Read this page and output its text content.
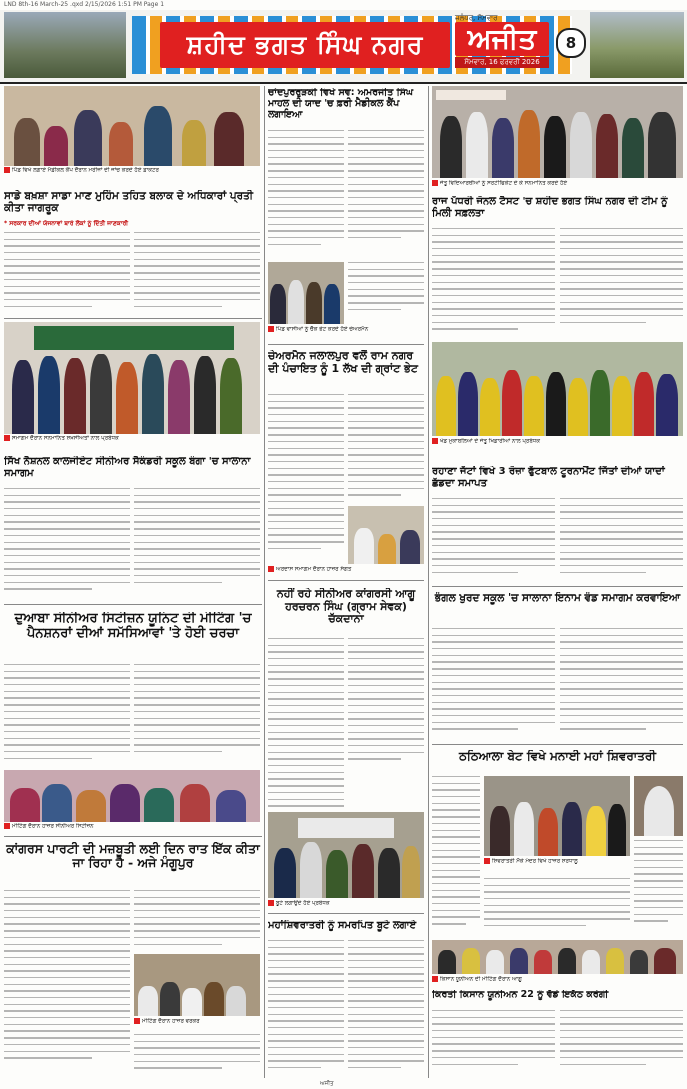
LND 8th-16 March-25 .qxd 2/15/2026 1:51 PM Page 1
ਸ਼ਹੀਦ ਭਗਤ ਸਿੰਘ ਨਗਰ
ਜਲੰਧਰ, ਸੋਮਵਾਰ
ਅਜੀਤ
ਸੋਮਵਾਰ, 16 ਫਰਵਰੀ 2026
8
ਪਿੰਡ ਵਿਖੇ ਲਗਾਏ ਮੈਡੀਕਲ ਕੈਂਪ ਦੌਰਾਨ ਮਰੀਜ਼ਾਂ ਦੀ ਜਾਂਚ ਕਰਦੇ ਹੋਏ ਡਾਕਟਰ
ਸਾਡੇ ਬਖ਼ਸ਼ਾ ਸਾਡਾ ਮਾਣ ਮੁਹਿੰਮ ਤਹਿਤ ਬਲਾਕ ਦੇ ਅਧਿਕਾਰਾਂ ਪ੍ਰਤੀ ਕੀਤਾ ਜਾਗਰੂਕ
* ਸਰਕਾਰ ਦੀਆਂ ਯੋਜਨਾਵਾਂ ਬਾਰੇ ਲੋਕਾਂ ਨੂੰ ਦਿੱਤੀ ਜਾਣਕਾਰੀ
ਸਮਾਗਮ ਦੌਰਾਨ ਸਨਮਾਨਿਤ ਸ਼ਖ਼ਸੀਅਤਾਂ ਨਾਲ ਪ੍ਰਬੰਧਕ
ਸਿੱਖ ਨੈਸ਼ਨਲ ਕਾਲਜੀਏਟ ਸੀਨੀਅਰ ਸੈਕੰਡਰੀ ਸਕੂਲ ਬੰਗਾ 'ਚ ਸਾਲਾਨਾ ਸਮਾਗਮ
ਦੁਆਬਾ ਸੀਨੀਅਰ ਸਿਟੀਜ਼ਨ ਯੂਨਿਟ ਦੀ ਮੀਟਿੰਗ 'ਚ ਪੈਨਸ਼ਨਰਾਂ ਦੀਆਂ ਸਮੱਸਿਆਵਾਂ 'ਤੇ ਹੋਈ ਚਰਚਾ
ਮੀਟਿੰਗ ਦੌਰਾਨ ਹਾਜ਼ਰ ਸੀਨੀਅਰ ਸਿਟੀਜ਼ਨ
ਕਾਂਗਰਸ ਪਾਰਟੀ ਦੀ ਮਜ਼ਬੂਤੀ ਲਈ ਦਿਨ ਰਾਤ ਇੱਕ ਕੀਤਾ ਜਾ ਰਿਹਾ ਹੈ - ਅਜੇ ਮੰਗੂਪੁਰ
ਮੀਟਿੰਗ ਦੌਰਾਨ ਹਾਜ਼ਰ ਵਰਕਰ
ਚਾਂਦਪੁਰਰੁੜਕੀ ਵਿਖੇ ਸਵ: ਅਮਰਜੀਤ ਸਿੰਘ ਮਾਹਲ ਦੀ ਯਾਦ 'ਚ ਫ਼ਰੀ ਮੈਡੀਕਲ ਕੈਂਪ ਲਗਾਇਆ
ਪਿੰਡ ਵਾਸੀਆਂ ਨੂੰ ਚੈੱਕ ਭੇਟ ਕਰਦੇ ਹੋਏ ਚੇਅਰਮੈਨ
ਚੇਅਰਮੈਨ ਜਲਾਲਪੁਰ ਵਲੋਂ ਰਾਮ ਨਗਰ ਦੀ ਪੰਚਾਇਤ ਨੂੰ 1 ਲੱਖ ਦੀ ਗ੍ਰਾਂਟ ਭੇਟ
ਅਰਦਾਸ ਸਮਾਗਮ ਦੌਰਾਨ ਹਾਜ਼ਰ ਸੰਗਤ
ਨਹੀਂ ਰਹੇ ਸੀਨੀਅਰ ਕਾਂਗਰਸੀ ਆਗੂ ਹਰਚਰਨ ਸਿੰਘ (ਗ੍ਰਾਮ ਸੇਵਕ) ਚੱਕਦਾਨਾ
ਬੂਟੇ ਲਗਾਉਂਦੇ ਹੋਏ ਪ੍ਰਬੰਧਕ
ਮਹਾਂਸ਼ਿਵਰਾਤਰੀ ਨੂੰ ਸਮਰਪਿਤ ਬੂਟੇ ਲਗਾਏ
ਜੇਤੂ ਵਿਦਿਆਰਥੀਆਂ ਨੂੰ ਸਰਟੀਫਿਕੇਟ ਦੇ ਕੇ ਸਨਮਾਨਿਤ ਕਰਦੇ ਹੋਏ
ਰਾਜ ਪੱਧਰੀ ਜੋਨਲ ਟੈਸਟ 'ਚ ਸ਼ਹੀਦ ਭਗਤ ਸਿੰਘ ਨਗਰ ਦੀ ਟੀਮ ਨੂੰ ਮਿਲੀ ਸਫ਼ਲਤਾ
ਖੇਡ ਮੁਕਾਬਲਿਆਂ ਦੇ ਜੇਤੂ ਖਿਡਾਰੀਆਂ ਨਾਲ ਪ੍ਰਬੰਧਕ
ਰਹਾਣਾ ਜੱਟਾਂ ਵਿਖੇ 3 ਰੋਜ਼ਾ ਫੁੱਟਬਾਲ ਟੂਰਨਾਮੈਂਟ ਜਿੱਤਾਂ ਦੀਆਂ ਯਾਦਾਂ ਛੱਡਦਾ ਸਮਾਪਤ
ਭੰਗਲ ਖੁਰਦ ਸਕੂਲ 'ਚ ਸਾਲਾਨਾ ਇਨਾਮ ਵੰਡ ਸਮਾਗਮ ਕਰਵਾਇਆ
ਠਠਿਆਲਾ ਬੇਟ ਵਿਖੇ ਮਨਾਈ ਮਹਾਂ ਸ਼ਿਵਰਾਤਰੀ
ਸ਼ਿਵਰਾਤਰੀ ਮੌਕੇ ਮੰਦਰ ਵਿਖੇ ਹਾਜ਼ਰ ਸ਼ਰਧਾਲੂ
ਕਿਸਾਨ ਯੂਨੀਅਨ ਦੀ ਮੀਟਿੰਗ ਦੌਰਾਨ ਆਗੂ
ਕਿਰਤੀ ਕਿਸਾਨ ਯੂਨੀਅਨ 22 ਨੂੰ ਵੱਡੇ ਇਕੱਠ ਕਰੇਗੀ
ਅਜੀਤ
